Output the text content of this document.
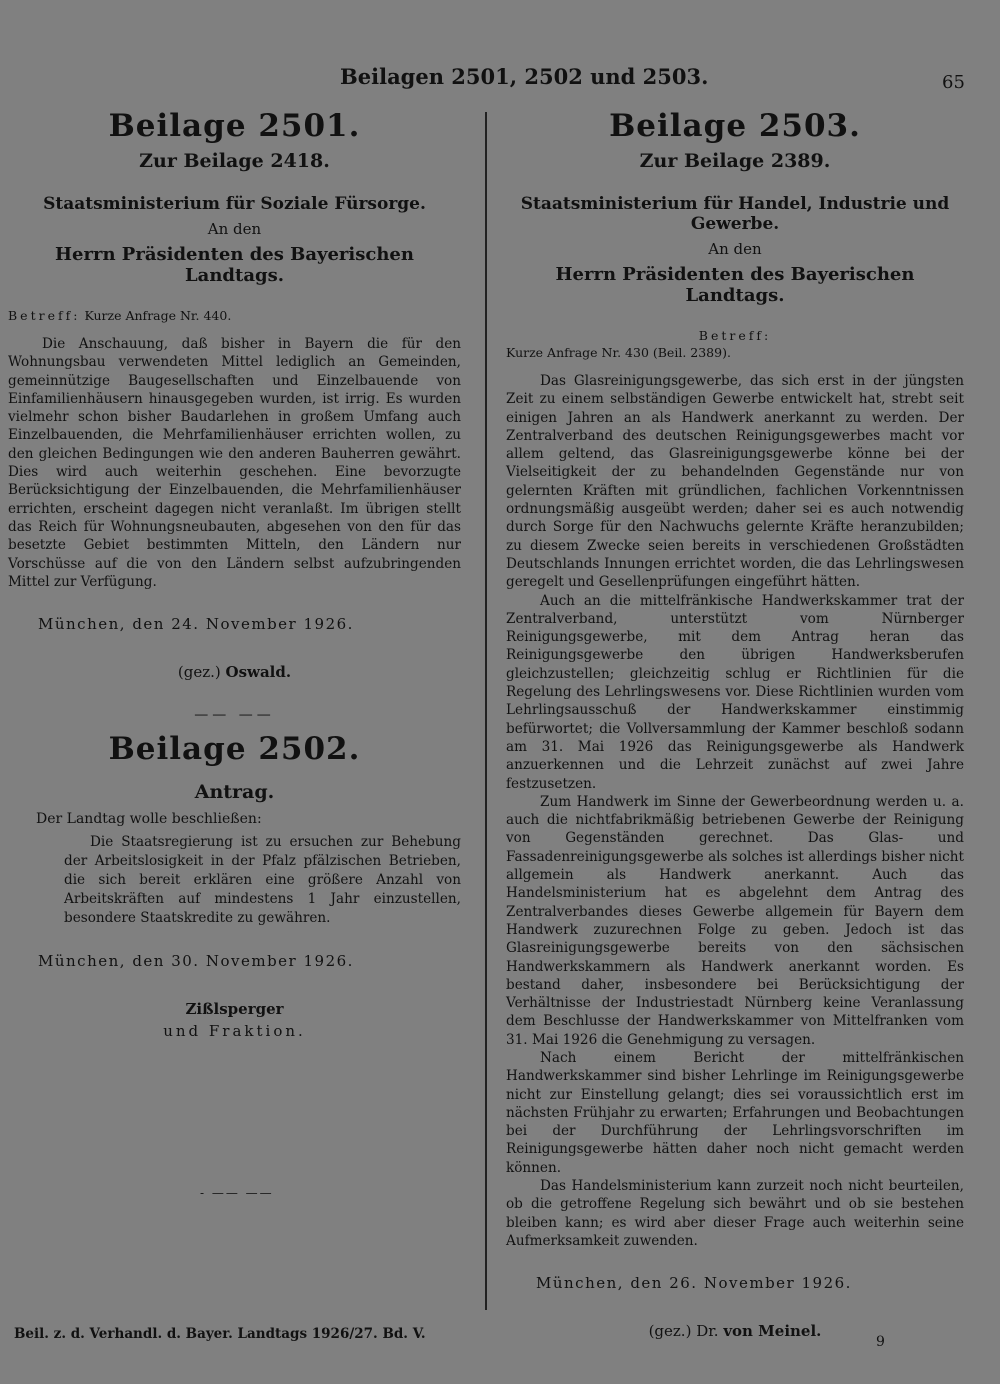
Beilagen 2501, 2502 und 2503.	65
Beilage 2501.
Zur Beilage 2418.
Staatsministerium für Soziale Fürsorge.
An den
Herrn Präsidenten des Bayerischen Landtags.
Betreff: Kurze Anfrage Nr. 440.

Die Anschauung, daß bisher in Bayern die für den Wohnungsbau verwendeten Mittel lediglich an Gemeinden, gemeinnützige Baugesellschaften und Einzelbauende von Einfamilienhäusern hinausgegeben wurden, ist irrig. Es wurden vielmehr schon bisher Baudarlehen in großem Umfang auch Einzelbauenden, die Mehrfamilienhäuser errichten wollen, zu den gleichen Bedingungen wie den anderen Bauherren gewährt. Dies wird auch weiterhin geschehen. Eine bevorzugte Berücksichtigung der Einzelbauenden, die Mehrfamilienhäuser errichten, erscheint dagegen nicht veranlaßt. Im übrigen stellt das Reich für Wohnungsneubauten, abgesehen von den für das besetzte Gebiet bestimmten Mitteln, den Ländern nur Vorschüsse auf die von den Ländern selbst aufzubringenden Mittel zur Verfügung.

München, den 24. November 1926.
(gez.) Oswald.
—— ——
Beilage 2502.
Antrag.
Der Landtag wolle beschließen:

Die Staatsregierung ist zu ersuchen zur Behebung der Arbeitslosigkeit in der Pfalz pfälzischen Betrieben, die sich bereit erklären eine größere Anzahl von Arbeitskräften auf mindestens 1 Jahr einzustellen, besondere Staatskredite zu gewähren.

München, den 30. November 1926.
Zißlsperger
und Fraktion.
- —— ——
Beilage 2503.
Zur Beilage 2389.
Staatsministerium für Handel, Industrie und Gewerbe.
An den
Herrn Präsidenten des Bayerischen Landtags.
Betreff:
Kurze Anfrage Nr. 430 (Beil. 2389).

Das Glasreinigungsgewerbe, das sich erst in der jüngsten Zeit zu einem selbständigen Gewerbe entwickelt hat, strebt seit einigen Jahren an als Handwerk anerkannt zu werden. Der Zentralverband des deutschen Reinigungsgewerbes macht vor allem geltend, das Glasreinigungsgewerbe könne bei der Vielseitigkeit der zu behandelnden Gegenstände nur von gelernten Kräften mit gründlichen, fachlichen Vorkenntnissen ordnungsmäßig ausgeübt werden; daher sei es auch notwendig durch Sorge für den Nachwuchs gelernte Kräfte heranzubilden; zu diesem Zwecke seien bereits in verschiedenen Großstädten Deutschlands Innungen errichtet worden, die das Lehrlingswesen geregelt und Gesellenprüfungen eingeführt hätten.

Auch an die mittelfränkische Handwerkskammer trat der Zentralverband, unterstützt vom Nürnberger Reinigungsgewerbe, mit dem Antrag heran das Reinigungsgewerbe den übrigen Handwerksberufen gleichzustellen; gleichzeitig schlug er Richtlinien für die Regelung des Lehrlingswesens vor. Diese Richtlinien wurden vom Lehrlingsausschuß der Handwerkskammer einstimmig befürwortet; die Vollversammlung der Kammer beschloß sodann am 31. Mai 1926 das Reinigungsgewerbe als Handwerk anzuerkennen und die Lehrzeit zunächst auf zwei Jahre festzusetzen.

Zum Handwerk im Sinne der Gewerbeordnung werden u. a. auch die nichtfabrikmäßig betriebenen Gewerbe der Reinigung von Gegenständen gerechnet. Das Glas- und Fassadenreinigungsgewerbe als solches ist allerdings bisher nicht allgemein als Handwerk anerkannt. Auch das Handelsministerium hat es abgelehnt dem Antrag des Zentralverbandes dieses Gewerbe allgemein für Bayern dem Handwerk zuzurechnen Folge zu geben. Jedoch ist das Glasreinigungsgewerbe bereits von den sächsischen Handwerkskammern als Handwerk anerkannt worden. Es bestand daher, insbesondere bei Berücksichtigung der Verhältnisse der Industriestadt Nürnberg keine Veranlassung dem Beschlusse der Handwerkskammer von Mittelfranken vom 31. Mai 1926 die Genehmigung zu versagen.

Nach einem Bericht der mittelfränkischen Handwerkskammer sind bisher Lehrlinge im Reinigungsgewerbe nicht zur Einstellung gelangt; dies sei voraussichtlich erst im nächsten Frühjahr zu erwarten; Erfahrungen und Beobachtungen bei der Durchführung der Lehrlingsvorschriften im Reinigungsgewerbe hätten daher noch nicht gemacht werden können.

Das Handelsministerium kann zurzeit noch nicht beurteilen, ob die getroffene Regelung sich bewährt und ob sie bestehen bleiben kann; es wird aber dieser Frage auch weiterhin seine Aufmerksamkeit zuwenden.

München, den 26. November 1926.
(gez.) Dr. von Meinel.
Beil. z. d. Verhandl. d. Bayer. Landtags 1926/27. Bd. V.	9
